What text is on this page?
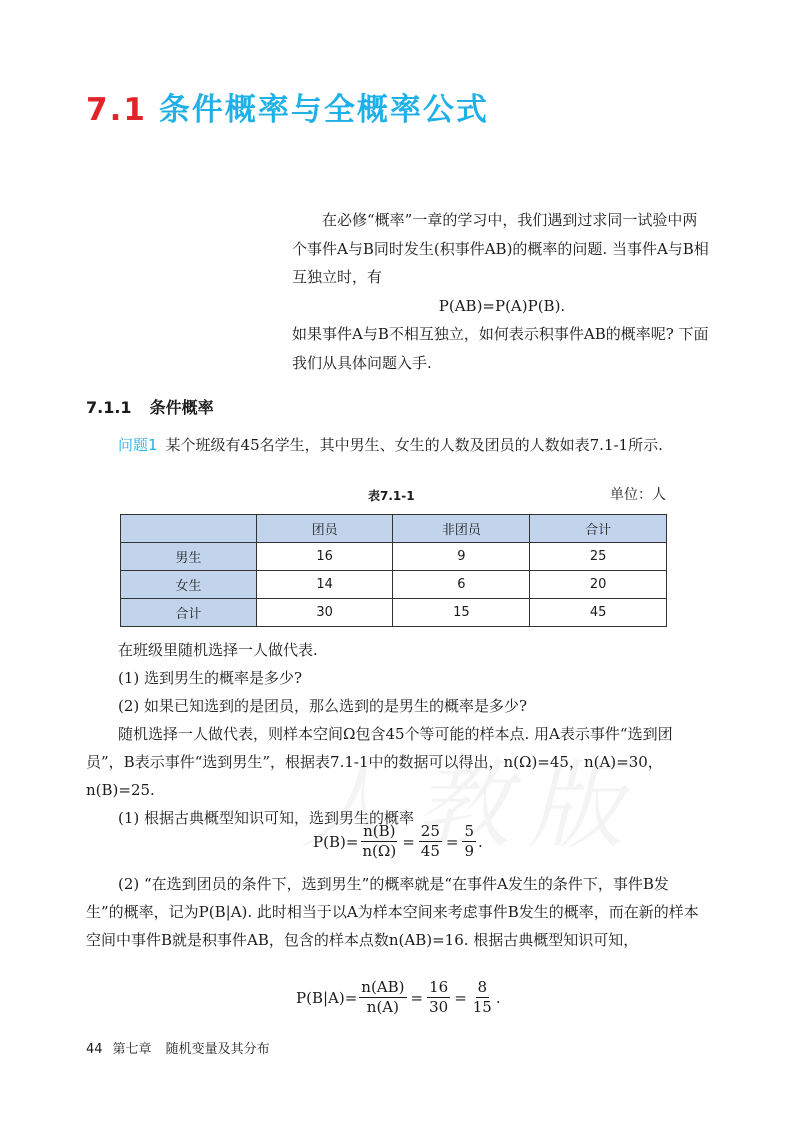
7.1 条件概率与全概率公式

在必修“概率”一章的学习中，我们遇到过求同一试验中两个事件A与B同时发生(积事件AB)的概率的问题. 当事件A与B相互独立时，有

P(AB)=P(A)P(B).

如果事件A与B不相互独立，如何表示积事件AB的概率呢? 下面我们从具体问题入手.

7.1.1 条件概率

问题1 某个班级有45名学生，其中男生、女生的人数及团员的人数如表7.1-1所示.

表7.1-1	单位：人

	团员	非团员	合计
男生	16	9	25
女生	14	6	20
合计	30	15	45

在班级里随机选择一人做代表.

(1) 选到男生的概率是多少?

(2) 如果已知选到的是团员，那么选到的是男生的概率是多少?

随机选择一人做代表，则样本空间Ω包含45个等可能的样本点. 用A表示事件“选到团员”，B表示事件“选到男生”，根据表7.1-1中的数据可以得出，n(Ω)=45，n(A)=30，n(B)=25.

(1) 根据古典概型知识可知，选到男生的概率

$P(B)= \frac{n(B)}{n(\Omega)} = \frac{25}{45} = \frac{5}{9}$ .

(2) “在选到团员的条件下，选到男生”的概率就是“在事件A发生的条件下，事件B发生”的概率，记为P(B|A). 此时相当于以A为样本空间来考虑事件B发生的概率，而在新的样本空间中事件B就是积事件AB，包含的样本点数n(AB)=16. 根据古典概型知识可知，

$P(B|A)= \frac{n(AB)}{n(A)} = \frac{16}{30} = \frac{8}{15}$ .

44 第七章 随机变量及其分布
